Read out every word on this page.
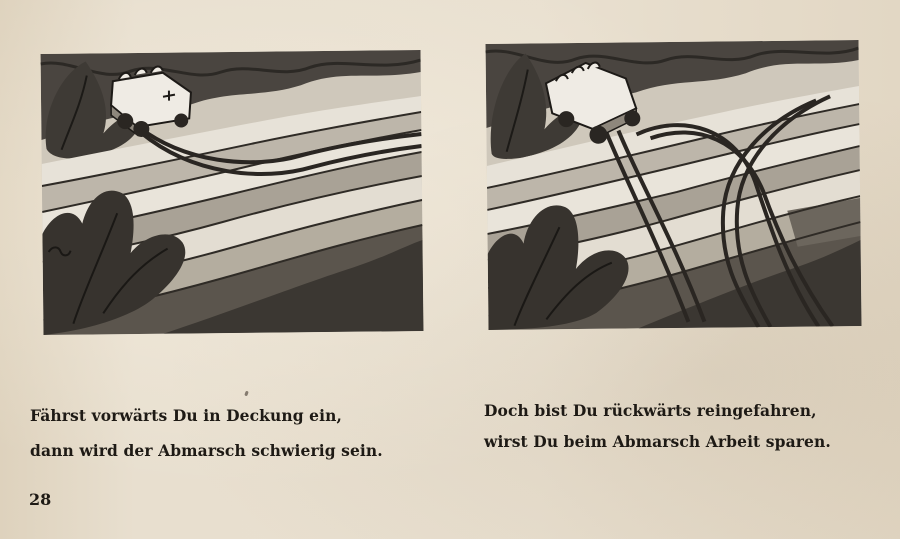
Fährst vorwärts Du in Deckung ein,
dann wird der Abmarsch schwierig sein.
Doch bist Du rückwärts reingefahren,
wirst Du beim Abmarsch Arbeit sparen.
28
